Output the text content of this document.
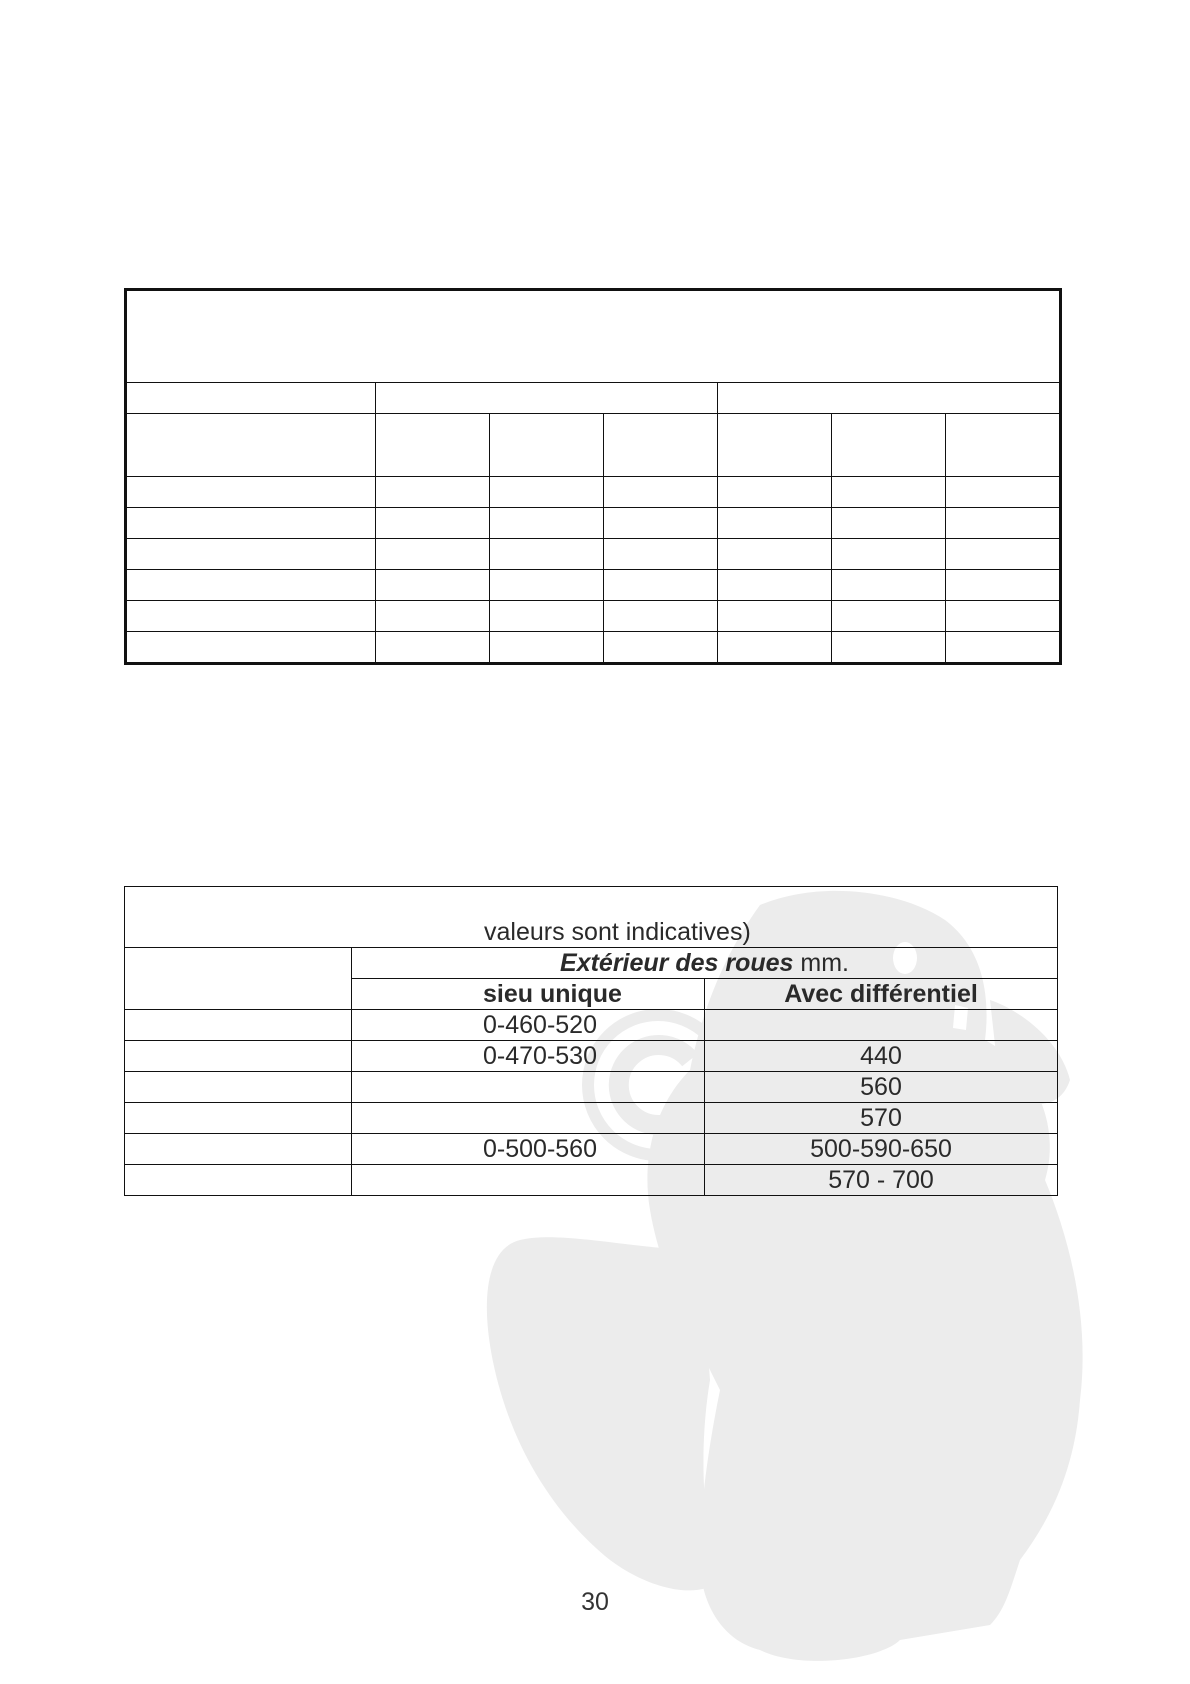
valeurs sont indicatives)		
	Extérieur des roues mm.	
	sieu unique	Avec différentiel
	0-460-520	
	0-470-530	440
		560
		570
	0-500-560	500-590-650
		570 - 700
30
